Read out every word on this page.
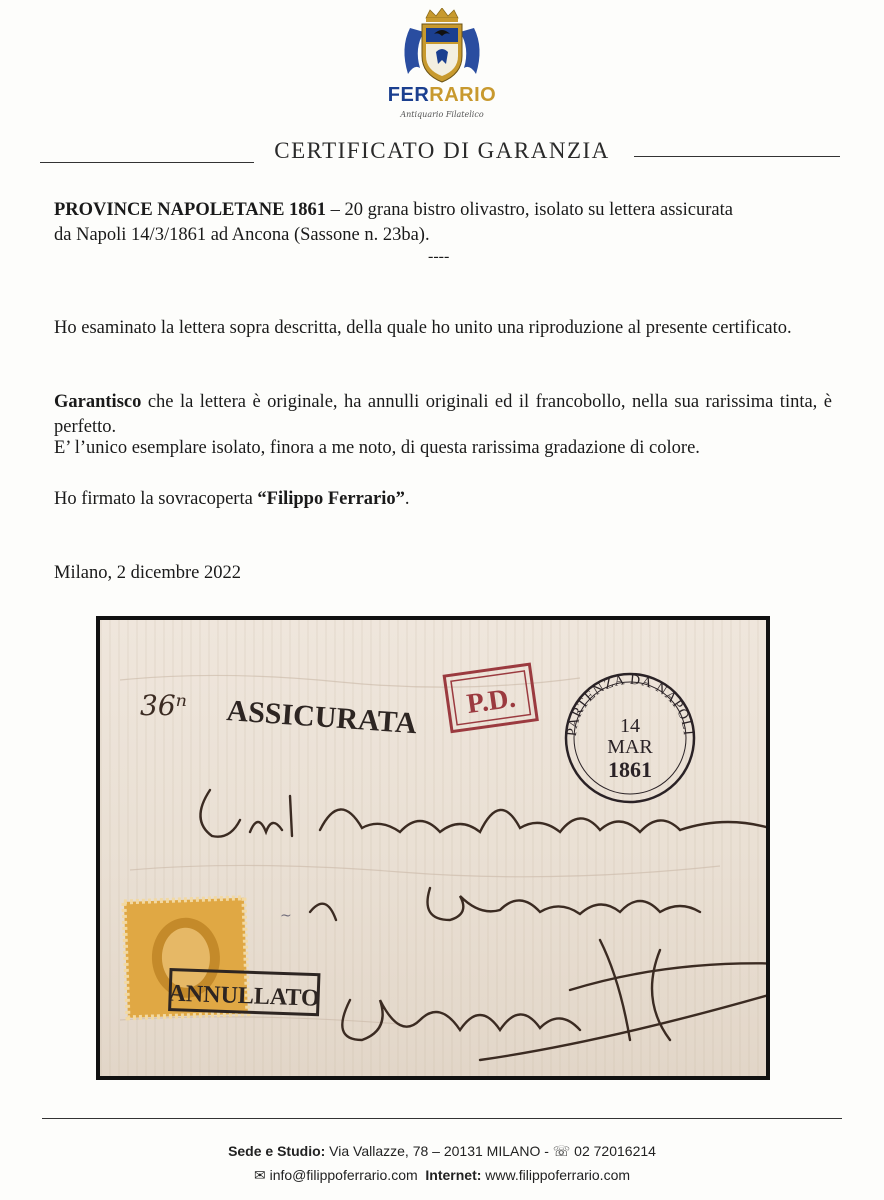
FERRARIO
Antiquario Filatelico
CERTIFICATO DI GARANZIA
PROVINCE NAPOLETANE 1861 – 20 grana bistro olivastro, isolato su lettera assicurata
da Napoli 14/3/1861 ad Ancona (Sassone n. 23ba).
----
Ho esaminato la lettera sopra descritta, della quale ho unito una riproduzione al presente certificato.
Garantisco che la lettera è originale, ha annulli originali ed il francobollo, nella sua rarissima tinta, è perfetto.
E’ l’unico esemplare isolato, finora a me noto, di questa rarissima gradazione di colore.
Ho firmato la sovracoperta “Filippo Ferrario”.
Milano, 2 dicembre 2022
36ⁿ ASSICURATA P.D.
PARTENZA DA NAPOLI
14
MAR
1861
~
ANNULLATO
Sede e Studio: Via Vallazze, 78 – 20131 MILANO - ☏ 02 72016214
✉ info@filippoferrario.com Internet: www.filippoferrario.com
